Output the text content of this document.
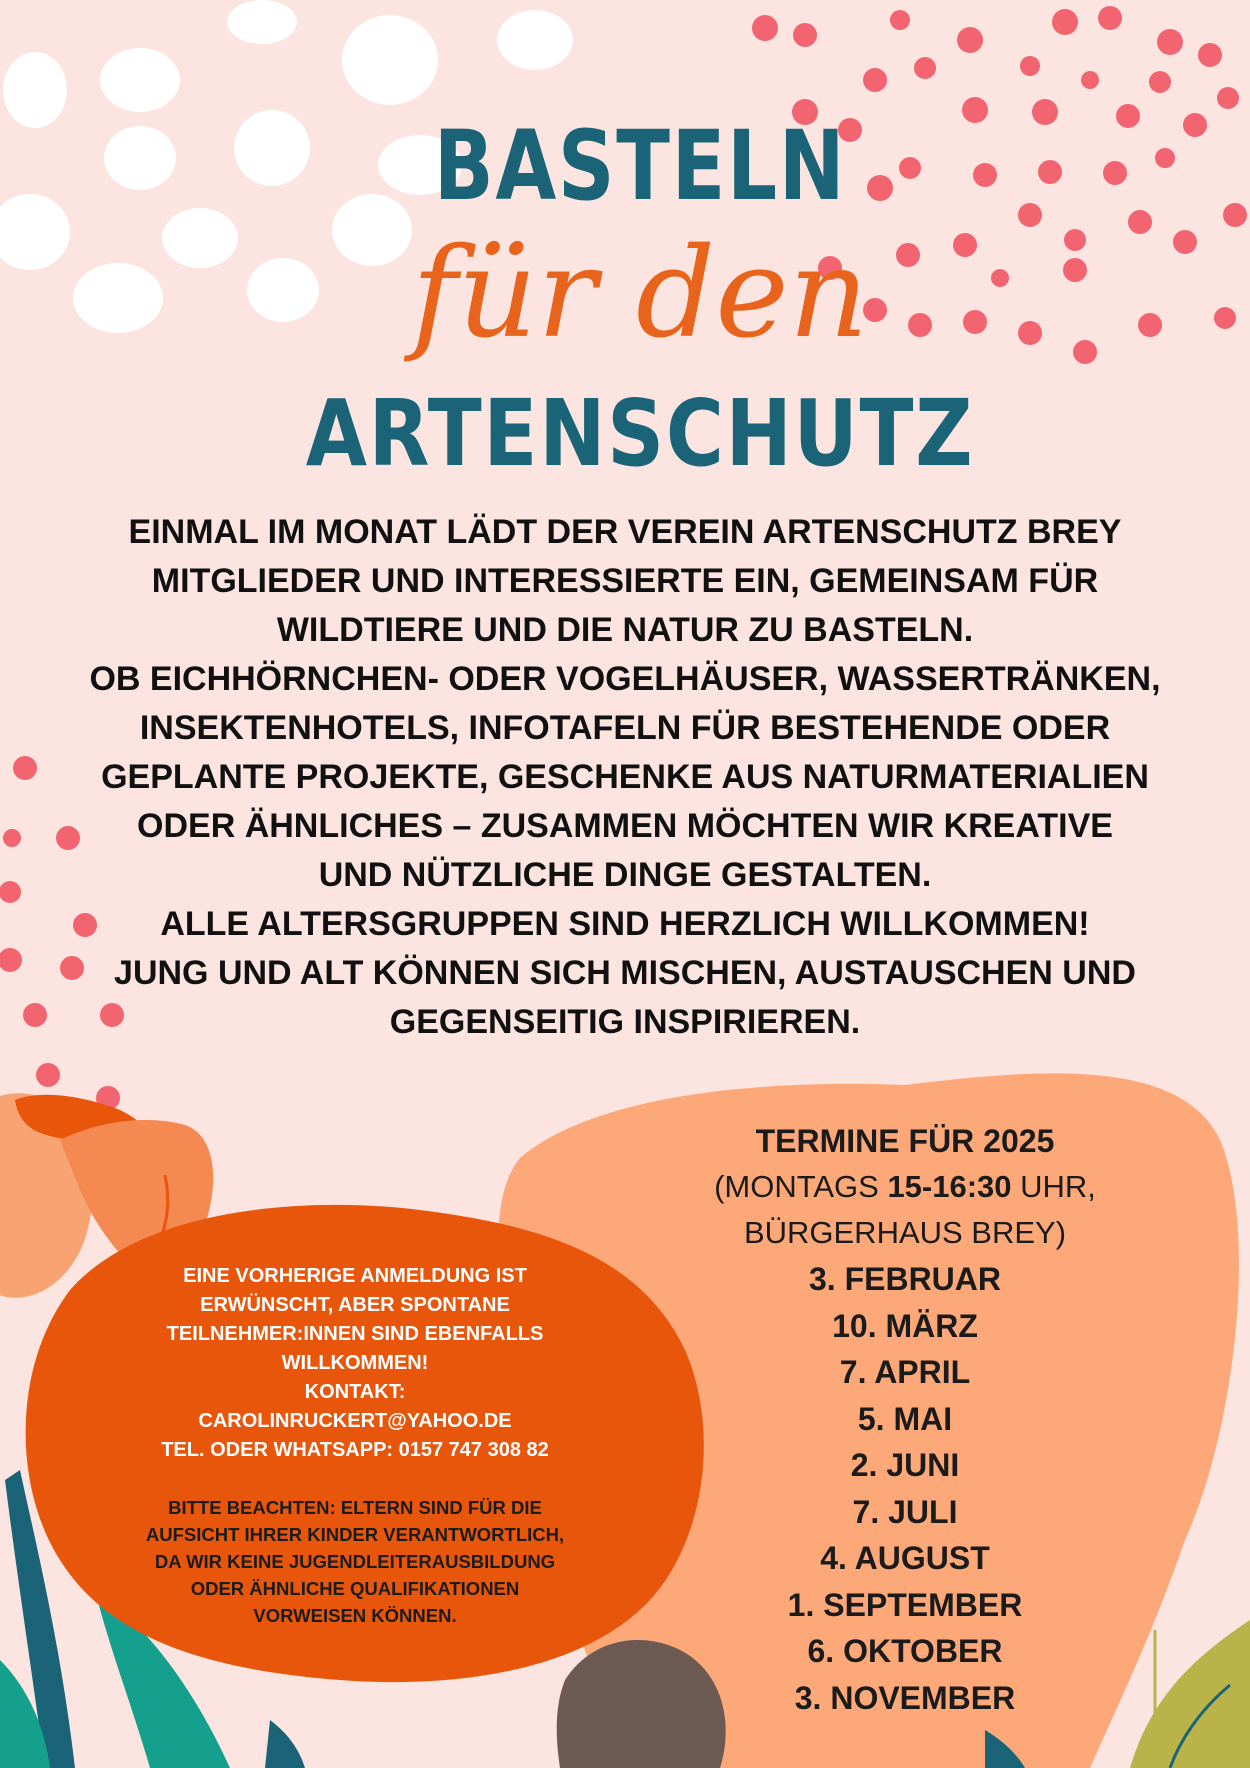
BASTELN
für den
ARTENSCHUTZ
EINMAL IM MONAT LÄDT DER VEREIN ARTENSCHUTZ BREY
MITGLIEDER UND INTERESSIERTE EIN, GEMEINSAM FÜR
WILDTIERE UND DIE NATUR ZU BASTELN.
OB EICHHÖRNCHEN- ODER VOGELHÄUSER, WASSERTRÄNKEN,
INSEKTENHOTELS, INFOTAFELN FÜR BESTEHENDE ODER
GEPLANTE PROJEKTE, GESCHENKE AUS NATURMATERIALIEN
ODER ÄHNLICHES – ZUSAMMEN MÖCHTEN WIR KREATIVE
UND NÜTZLICHE DINGE GESTALTEN.
ALLE ALTERSGRUPPEN SIND HERZLICH WILLKOMMEN!
JUNG UND ALT KÖNNEN SICH MISCHEN, AUSTAUSCHEN UND
GEGENSEITIG INSPIRIEREN.
EINE VORHERIGE ANMELDUNG IST
ERWÜNSCHT, ABER SPONTANE
TEILNEHMER:INNEN SIND EBENFALLS
WILLKOMMEN!
KONTAKT:
CAROLINRUCKERT@YAHOO.DE
TEL. ODER WHATSAPP: 0157 747 308 82
BITTE BEACHTEN: ELTERN SIND FÜR DIE
AUFSICHT IHRER KINDER VERANTWORTLICH,
DA WIR KEINE JUGENDLEITERAUSBILDUNG
ODER ÄHNLICHE QUALIFIKATIONEN
VORWEISEN KÖNNEN.
TERMINE FÜR 2025
(MONTAGS 15-16:30 UHR,
BÜRGERHAUS BREY)
3. FEBRUAR
10. MÄRZ
7. APRIL
5. MAI
2. JUNI
7. JULI
4. AUGUST
1. SEPTEMBER
6. OKTOBER
3. NOVEMBER
